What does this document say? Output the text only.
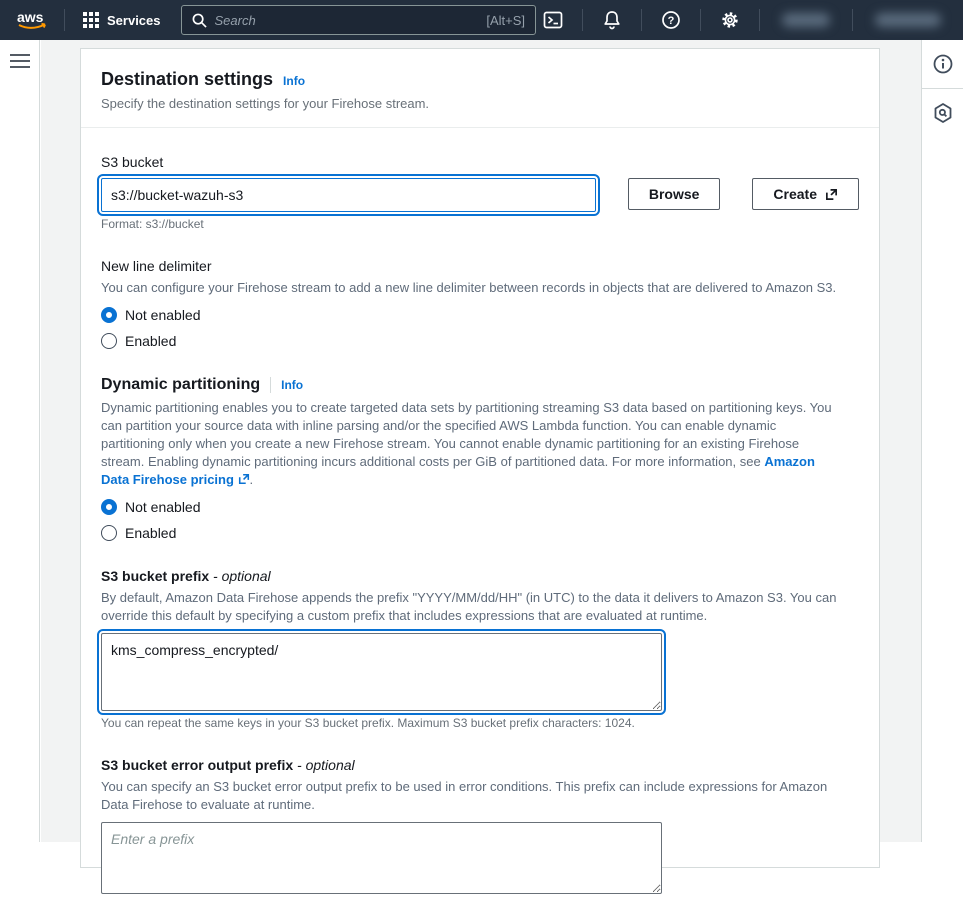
aws	Services	Search	[Alt+S]	?
Destination settings Info
Specify the destination settings for your Firehose stream.
S3 bucket
s3://bucket-wazuh-s3
Browse	Create
Format: s3://bucket
New line delimiter
You can configure your Firehose stream to add a new line delimiter between records in objects that are delivered to Amazon S3.
Not enabled
Enabled
Dynamic partitioning Info
Dynamic partitioning enables you to create targeted data sets by partitioning streaming S3 data based on partitioning keys. You can partition your source data with inline parsing and/or the specified AWS Lambda function. You can enable dynamic partitioning only when you create a new Firehose stream. You cannot enable dynamic partitioning for an existing Firehose stream. Enabling dynamic partitioning incurs additional costs per GiB of partitioned data. For more information, see Amazon Data Firehose pricing .
Not enabled
Enabled
S3 bucket prefix - optional
By default, Amazon Data Firehose appends the prefix "YYYY/MM/dd/HH" (in UTC) to the data it delivers to Amazon S3. You can override this default by specifying a custom prefix that includes expressions that are evaluated at runtime.
kms_compress_encrypted/
You can repeat the same keys in your S3 bucket prefix. Maximum S3 bucket prefix characters: 1024.
S3 bucket error output prefix - optional
You can specify an S3 bucket error output prefix to be used in error conditions. This prefix can include expressions for Amazon Data Firehose to evaluate at runtime.
Enter a prefix
